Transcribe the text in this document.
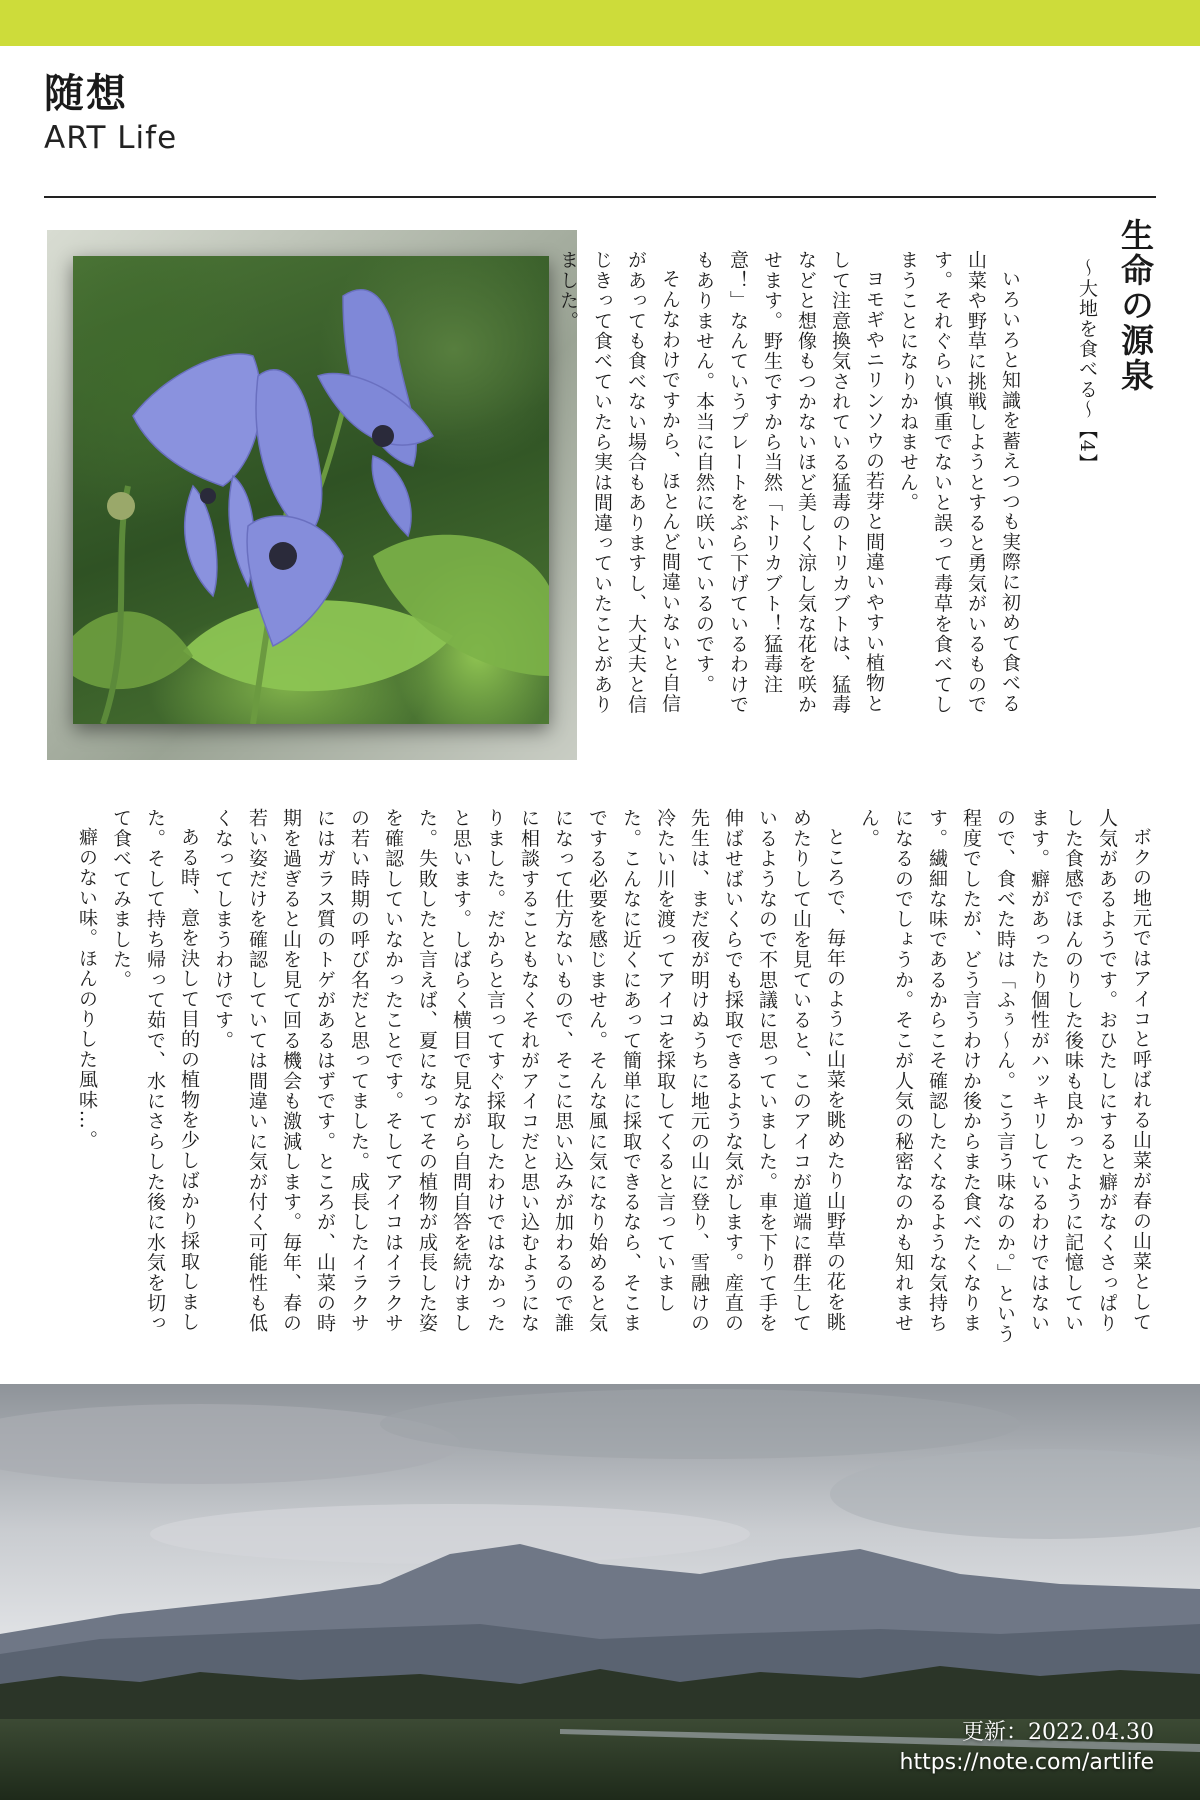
随想
ART Life
生命の源泉
～大地を食べる～【4】

いろいろと知識を蓄えつつも実際に初めて食べる山菜や野草に挑戦しようとすると勇気がいるものです。それぐらい慎重でないと誤って毒草を食べてしまうことになりかねません。

ヨモギやニリンソウの若芽と間違いやすい植物として注意換気されている猛毒のトリカブトは、猛毒などと想像もつかないほど美しく涼し気な花を咲かせます。野生ですから当然「トリカブト！猛毒注意！」なんていうプレートをぶら下げているわけでもありません。本当に自然に咲いているのです。

そんなわけですから、ほとんど間違いないと自信があっても食べない場合もありますし、大丈夫と信じきって食べていたら実は間違っていたことがありました。

ボクの地元ではアイコと呼ばれる山菜が春の山菜として人気があるようです。おひたしにすると癖がなくさっぱりした食感でほんのりした後味も良かったように記憶しています。癖があったり個性がハッキリしているわけではないので、食べた時は「ふぅ～ん。こう言う味なのか。」という程度でしたが、どう言うわけか後からまた食べたくなります。繊細な味であるからこそ確認したくなるような気持ちになるのでしょうか。そこが人気の秘密なのかも知れません。

ところで、毎年のように山菜を眺めたり山野草の花を眺めたりして山を見ていると、このアイコが道端に群生しているようなので不思議に思っていました。車を下りて手を伸ばせばいくらでも採取できるような気がします。産直の先生は、まだ夜が明けぬうちに地元の山に登り、雪融けの冷たい川を渡ってアイコを採取してくると言っていました。こんなに近くにあって簡単に採取できるなら、そこまでする必要を感じません。そんな風に気になり始めると気になって仕方ないもので、そこに思い込みが加わるので誰に相談することもなくそれがアイコだと思い込むようになりました。だからと言ってすぐ採取したわけではなかったと思います。しばらく横目で見ながら自問自答を続けました。失敗したと言えば、夏になってその植物が成長した姿を確認していなかったことです。そしてアイコはイラクサの若い時期の呼び名だと思ってました。成長したイラクサにはガラス質のトゲがあるはずです。ところが、山菜の時期を過ぎると山を見て回る機会も激減します。毎年、春の若い姿だけを確認していては間違いに気が付く可能性も低くなってしまうわけです。

ある時、意を決して目的の植物を少しばかり採取しました。そして持ち帰って茹で、水にさらした後に水気を切って食べてみました。

癖のない味。ほんのりした風味…。

更新：2022.04.30
https://note.com/artlife
